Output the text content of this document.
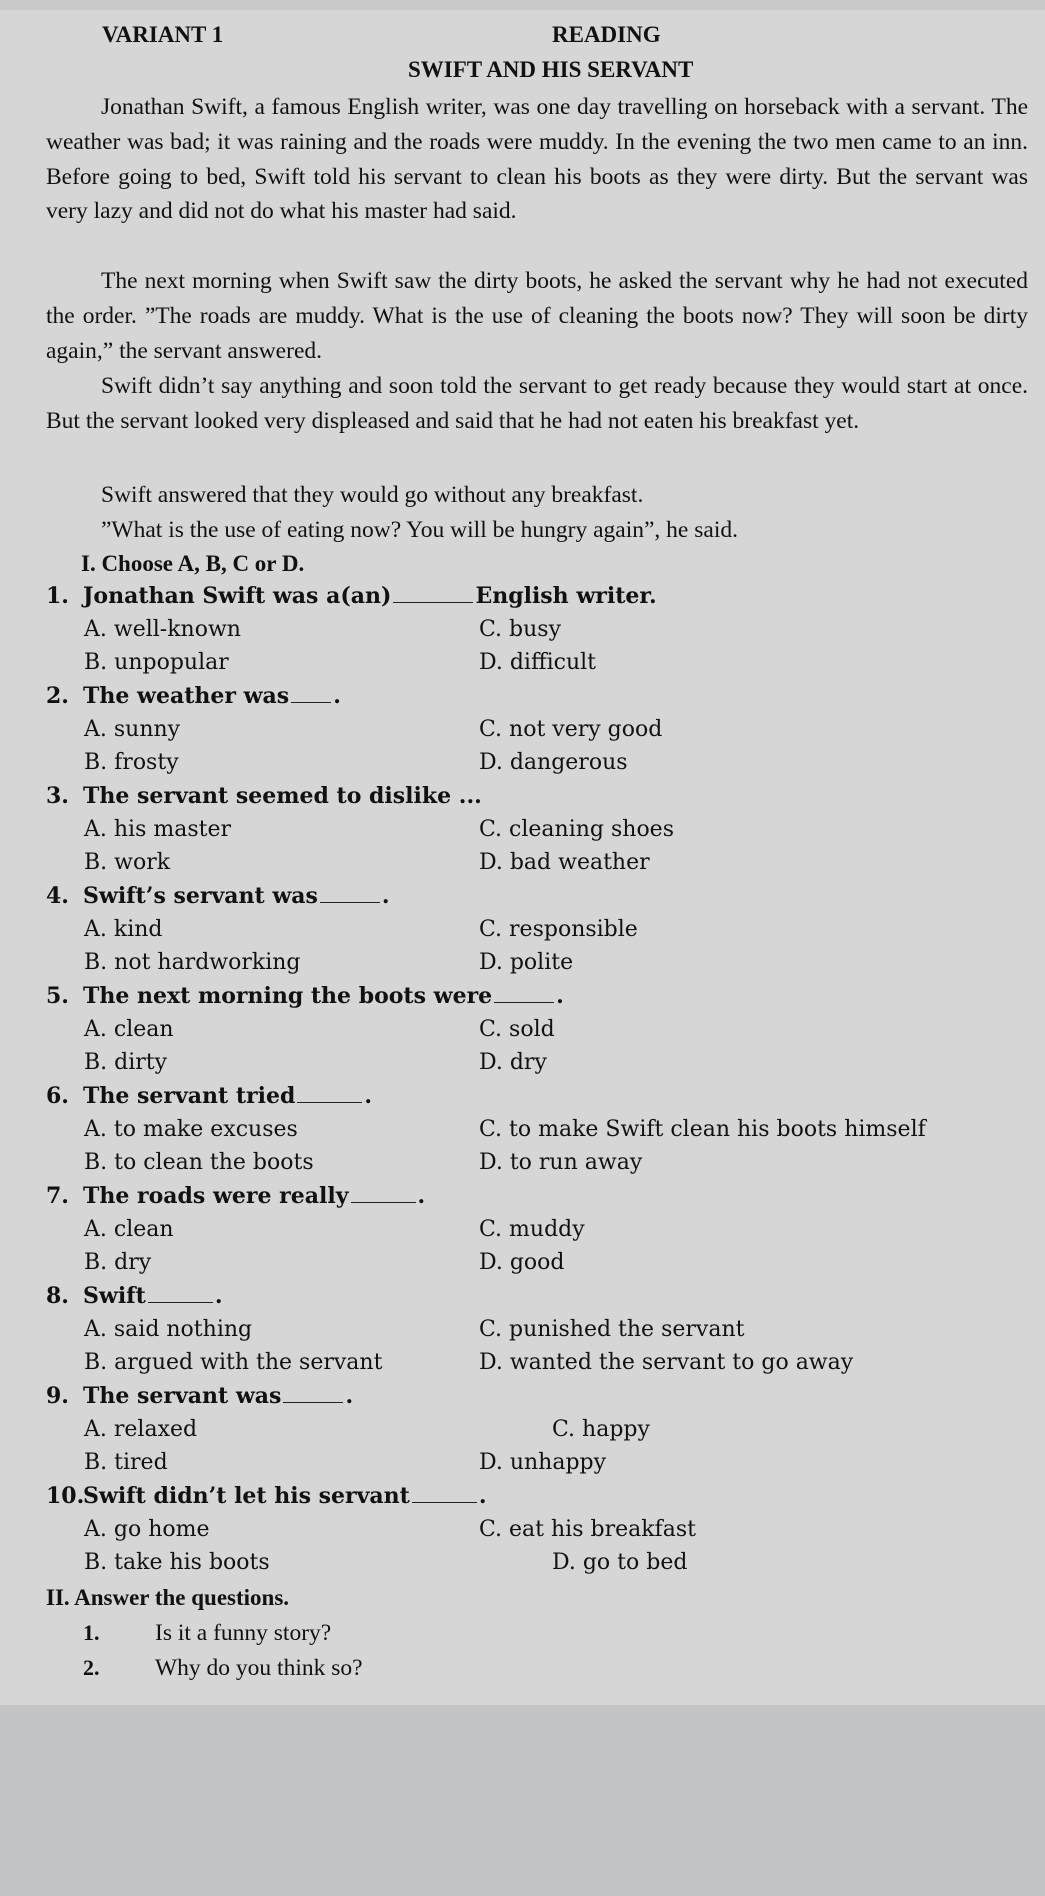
VARIANT 1	READING
SWIFT AND HIS SERVANT
Jonathan Swift, a famous English writer, was one day travelling on horseback with a servant. The weather was bad; it was raining and the roads were muddy. In the evening the two men came to an inn. Before going to bed, Swift told his servant to clean his boots as they were dirty. But the servant was very lazy and did not do what his master had said.
The next morning when Swift saw the dirty boots, he asked the servant why he had not executed the order. ”The roads are muddy. What is the use of cleaning the boots now? They will soon be dirty again,” the servant answered.
Swift didn’t say anything and soon told the servant to get ready because they would start at once. But the servant looked very displeased and said that he had not eaten his breakfast yet.
Swift answered that they would go without any breakfast.
”What is the use of eating now? You will be hungry again”, he said.
I. Choose A, B, C or D.
1. Jonathan Swift was a(an)	English writer.
A. well-known
B. unpopular
C. busy
D. difficult
2. The weather was .
A. sunny
B. frosty
C. not very good
D. dangerous
3. The servant seemed to dislike ...
A. his master
B. work
C. cleaning shoes
D. bad weather
4. Swift’s servant was	.
A. kind
B. not hardworking
C. responsible
D. polite
5. The next morning the boots were	.
A. clean
B. dirty
C. sold
D. dry
6. The servant tried	.
A. to make excuses
B. to clean the boots
C. to make Swift clean his boots himself
D. to run away
7. The roads were really	.
A. clean
B. dry
C. muddy
D. good
8. Swift	.
A. said nothing
B. argued with the servant
C. punished the servant
D. wanted the servant to go away
9. The servant was	.
A. relaxed
B. tired
C. happy
D. unhappy
10.
Swift didn’t let his servant	.
A. go home
B. take his boots
C. eat his breakfast
D. go to bed
II. Answer the questions.
1. Is it a funny story?
2. Why do you think so?
